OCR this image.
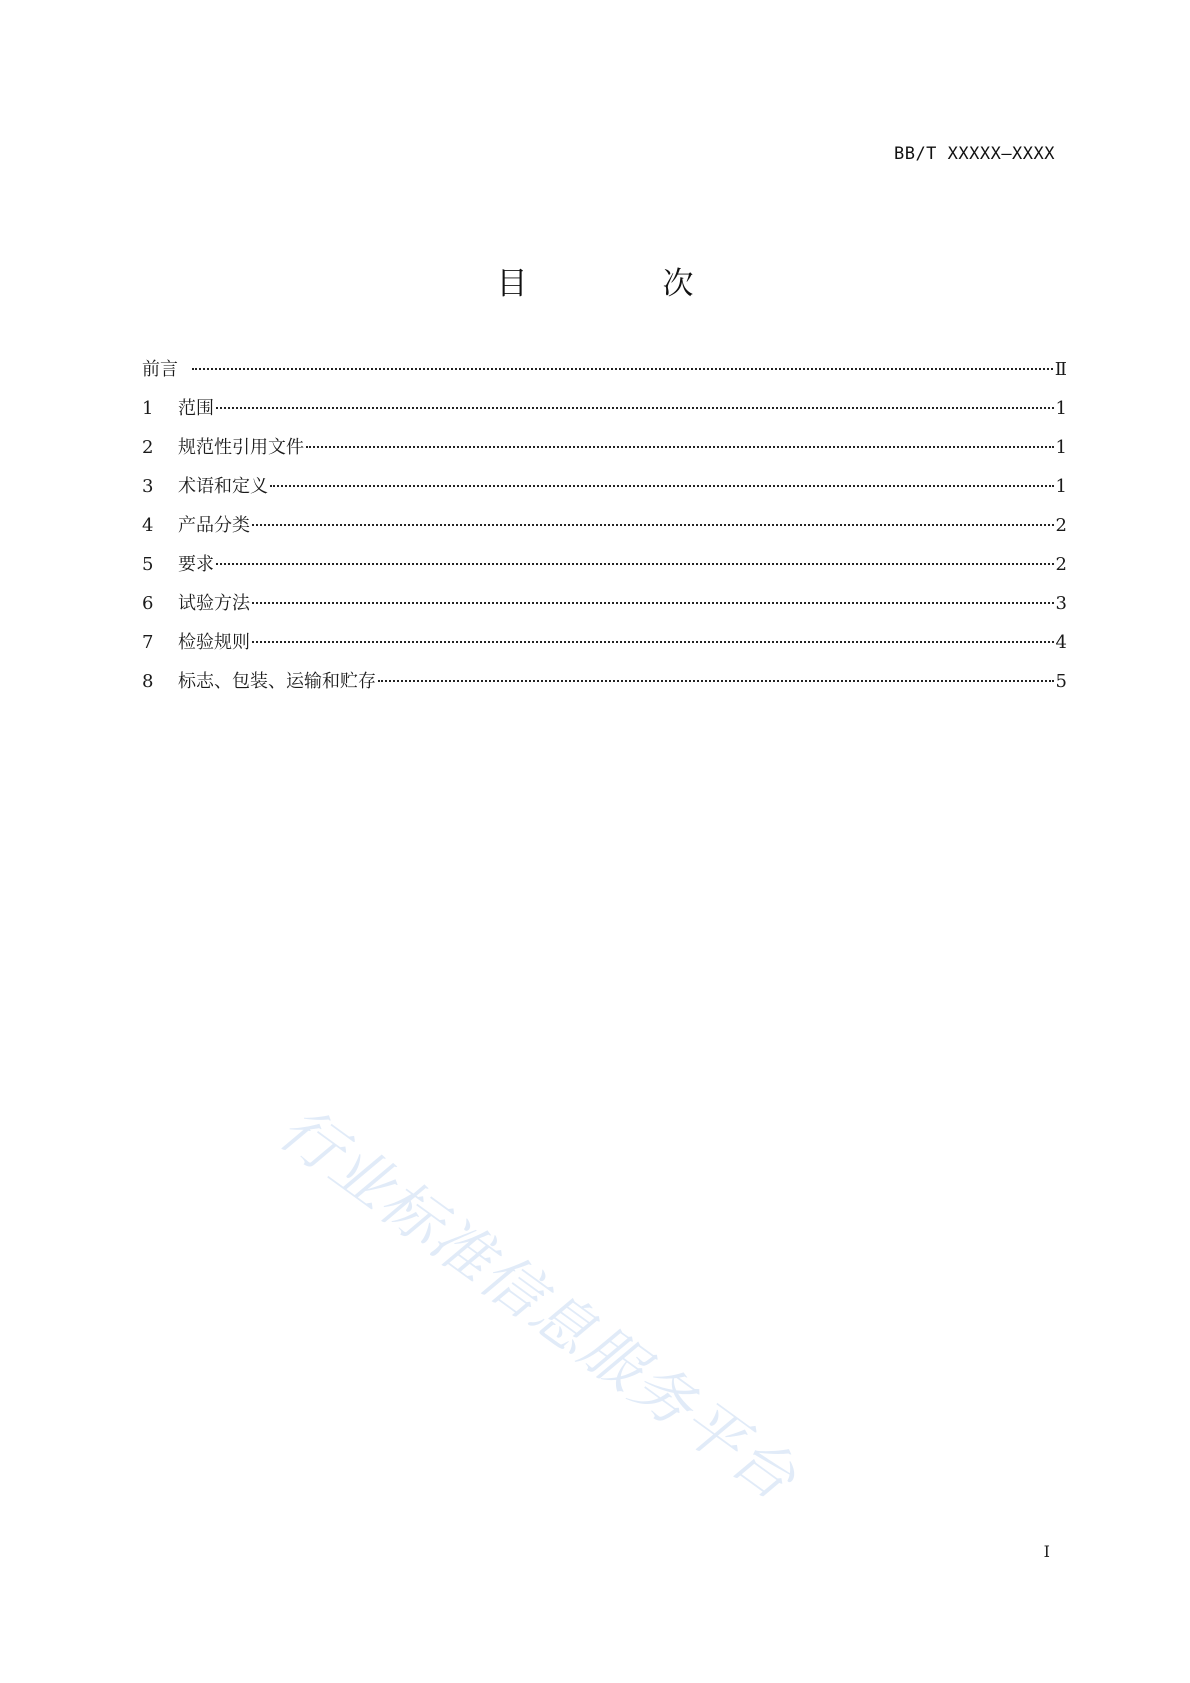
BB/T XXXXX—XXXX
目　次
前言	Ⅱ
1	范围	1
2	规范性引用文件	1
3	术语和定义	1
4	产品分类	2
5	要求	2
6	试验方法	3
7	检验规则	4
8	标志、包装、运输和贮存	5
行业标准信息服务平台
I
